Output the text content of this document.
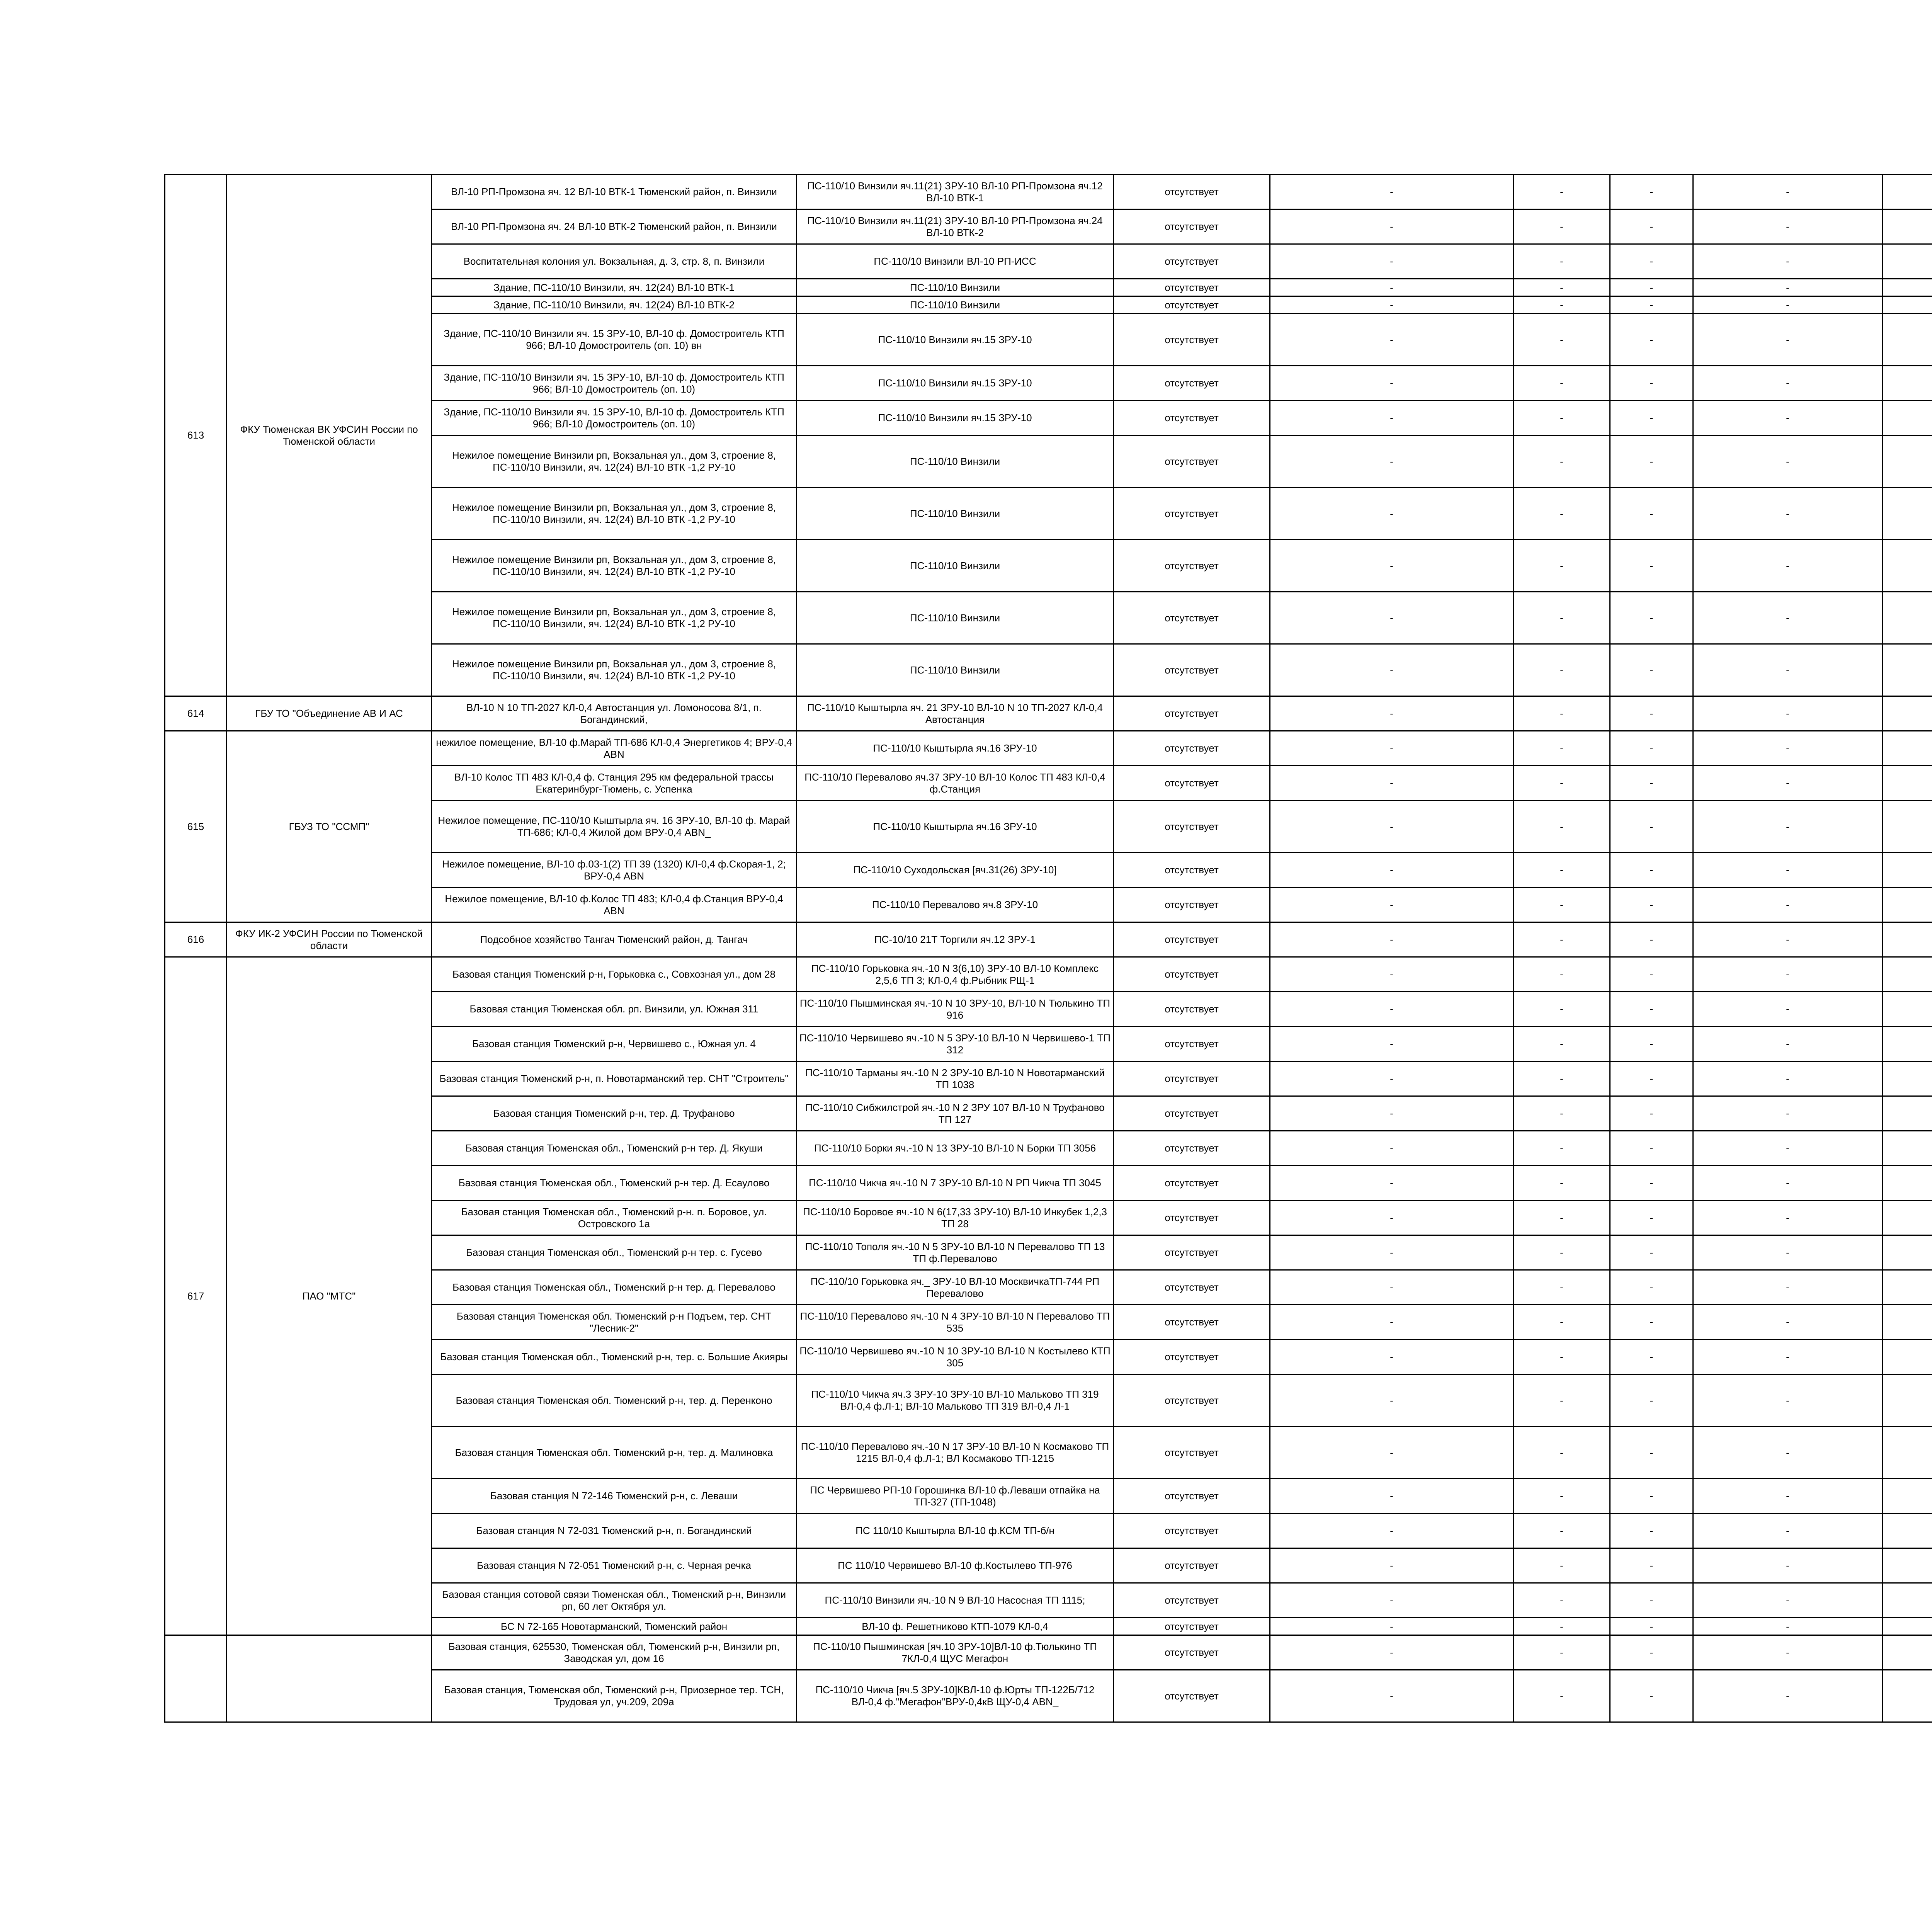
613	ФКУ Тюменская ВК УФСИН России по Тюменской области	ВЛ-10 РП-Промзона яч. 12 ВЛ-10 ВТК-1 Тюменский район, п. Винзили	ПС-110/10 Винзили яч.11(21) ЗРУ-10 ВЛ-10 РП-Промзона яч.12 ВЛ-10 ВТК-1	отсутствует	-	-	-	-		
		ВЛ-10 РП-Промзона яч. 24 ВЛ-10 ВТК-2 Тюменский район, п. Винзили	ПС-110/10 Винзили яч.11(21) ЗРУ-10 ВЛ-10 РП-Промзона яч.24 ВЛ-10 ВТК-2	отсутствует	-	-	-	-		
		Воспитательная колония ул. Вокзальная, д. 3, стр. 8, п. Винзили	ПС-110/10 Винзили ВЛ-10 РП-ИСС	отсутствует	-	-	-	-		
		Здание, ПС-110/10 Винзили, яч. 12(24) ВЛ-10 ВТК-1	ПС-110/10 Винзили	отсутствует	-	-	-	-		
		Здание, ПС-110/10 Винзили, яч. 12(24) ВЛ-10 ВТК-2	ПС-110/10 Винзили	отсутствует	-	-	-	-		
		Здание, ПС-110/10 Винзили яч. 15 ЗРУ-10, ВЛ-10 ф. Домостроитель КТП 966; ВЛ-10 Домостроитель (оп. 10) вн	ПС-110/10 Винзили яч.15 ЗРУ-10	отсутствует	-	-	-	-		
		Здание, ПС-110/10 Винзили яч. 15 ЗРУ-10, ВЛ-10 ф. Домостроитель КТП 966; ВЛ-10 Домостроитель (оп. 10)	ПС-110/10 Винзили яч.15 ЗРУ-10	отсутствует	-	-	-	-		
		Здание, ПС-110/10 Винзили яч. 15 ЗРУ-10, ВЛ-10 ф. Домостроитель КТП 966; ВЛ-10 Домостроитель (оп. 10)	ПС-110/10 Винзили яч.15 ЗРУ-10	отсутствует	-	-	-	-		
		Нежилое помещение Винзили рп, Вокзальная ул., дом 3, строение 8, ПС-110/10 Винзили, яч. 12(24) ВЛ-10 ВТК -1,2 РУ-10	ПС-110/10 Винзили	отсутствует	-	-	-	-		
		Нежилое помещение Винзили рп, Вокзальная ул., дом 3, строение 8, ПС-110/10 Винзили, яч. 12(24) ВЛ-10 ВТК -1,2 РУ-10	ПС-110/10 Винзили	отсутствует	-	-	-	-		
		Нежилое помещение Винзили рп, Вокзальная ул., дом 3, строение 8, ПС-110/10 Винзили, яч. 12(24) ВЛ-10 ВТК -1,2 РУ-10	ПС-110/10 Винзили	отсутствует	-	-	-	-		
		Нежилое помещение Винзили рп, Вокзальная ул., дом 3, строение 8, ПС-110/10 Винзили, яч. 12(24) ВЛ-10 ВТК -1,2 РУ-10	ПС-110/10 Винзили	отсутствует	-	-	-	-		
		Нежилое помещение Винзили рп, Вокзальная ул., дом 3, строение 8, ПС-110/10 Винзили, яч. 12(24) ВЛ-10 ВТК -1,2 РУ-10	ПС-110/10 Винзили	отсутствует	-	-	-	-		
614	ГБУ ТО "Объединение АВ И АС	ВЛ-10 N 10 ТП-2027 КЛ-0,4 Автостанция ул. Ломоносова 8/1, п. Богандинский,	ПС-110/10 Кыштырла яч. 21 ЗРУ-10 ВЛ-10 N 10 ТП-2027 КЛ-0,4 Автостанция	отсутствует	-	-	-	-		
615	ГБУЗ ТО "ССМП"	нежилое помещение, ВЛ-10 ф.Марай ТП-686 КЛ-0,4 Энергетиков 4; ВРУ-0,4 АВN	ПС-110/10 Кыштырла яч.16 ЗРУ-10	отсутствует	-	-	-	-		
		ВЛ-10 Колос ТП 483 КЛ-0,4 ф. Станция 295 км федеральной трассы Екатеринбург-Тюмень, с. Успенка	ПС-110/10 Перевалово яч.37 ЗРУ-10 ВЛ-10 Колос ТП 483 КЛ-0,4 ф.Станция	отсутствует	-	-	-	-		
		Нежилое помещение, ПС-110/10 Кыштырла яч. 16 ЗРУ-10, ВЛ-10 ф. Марай ТП-686; КЛ-0,4 Жилой дом ВРУ-0,4 АВN_	ПС-110/10 Кыштырла яч.16 ЗРУ-10	отсутствует	-	-	-	-		
		Нежилое помещение, ВЛ-10 ф.03-1(2) ТП 39 (1320) КЛ-0,4 ф.Скорая-1, 2; ВРУ-0,4 АВN	ПС-110/10 Суходольская [яч.31(26) ЗРУ-10]	отсутствует	-	-	-	-		
		Нежилое помещение, ВЛ-10 ф.Колос ТП 483; КЛ-0,4 ф.Станция ВРУ-0,4 АВN	ПС-110/10 Перевалово яч.8 ЗРУ-10	отсутствует	-	-	-	-		
616	ФКУ ИК-2 УФСИН России по Тюменской области	Подсобное хозяйство Тангач Тюменский район, д. Тангач	ПС-10/10 21Т Торгили яч.12 ЗРУ-1	отсутствует	-	-	-	-		
617	ПАО "МТС"	Базовая станция Тюменский р-н, Горьковка с., Совхозная ул., дом 28	ПС-110/10 Горьковка яч.-10 N 3(6,10) ЗРУ-10 ВЛ-10 Комплекс 2,5,6 ТП 3; КЛ-0,4 ф.Рыбник РЩ-1	отсутствует	-	-	-	-		
		Базовая станция Тюменская обл. рп. Винзили, ул. Южная 311	ПС-110/10 Пышминская яч.-10 N 10 ЗРУ-10, ВЛ-10 N Тюлькино ТП 916	отсутствует	-	-	-	-		
		Базовая станция Тюменский р-н, Червишево с., Южная ул. 4	ПС-110/10 Червишево яч.-10 N 5 ЗРУ-10 ВЛ-10 N Червишево-1 ТП 312	отсутствует	-	-	-	-		
		Базовая станция Тюменский р-н, п. Новотарманский тер. СНТ "Строитель"	ПС-110/10 Тарманы яч.-10 N 2 ЗРУ-10 ВЛ-10 N Новотарманский ТП 1038	отсутствует	-	-	-	-		
		Базовая станция Тюменский р-н, тер. Д. Труфаново	ПС-110/10 Сибжилстрой яч.-10 N 2 ЗРУ 107 ВЛ-10 N Труфаново ТП 127	отсутствует	-	-	-	-		
		Базовая станция Тюменская обл., Тюменский р-н тер. Д. Якуши	ПС-110/10 Борки яч.-10 N 13 ЗРУ-10 ВЛ-10 N Борки ТП 3056	отсутствует	-	-	-	-		
		Базовая станция Тюменская обл., Тюменский р-н тер. Д. Есаулово	ПС-110/10 Чикча яч.-10 N 7 ЗРУ-10 ВЛ-10 N РП Чикча ТП 3045	отсутствует	-	-	-	-		
		Базовая станция Тюменская обл., Тюменский р-н. п. Боровое, ул. Островского 1а	ПС-110/10 Боровое яч.-10 N 6(17,33 ЗРУ-10) ВЛ-10 Инкубек 1,2,3 ТП 28	отсутствует	-	-	-	-		
		Базовая станция Тюменская обл., Тюменский р-н тер. с. Гусево	ПС-110/10 Тополя яч.-10 N 5 ЗРУ-10 ВЛ-10 N Перевалово ТП 13 ТП ф.Перевалово	отсутствует	-	-	-	-		
		Базовая станция Тюменская обл., Тюменский р-н тер. д. Перевалово	ПС-110/10 Горьковка яч._ ЗРУ-10 ВЛ-10 МосквичкаТП-744 РП Перевалово	отсутствует	-	-	-	-		
		Базовая станция Тюменская обл. Тюменский р-н Подъем, тер. СНТ "Лесник-2"	ПС-110/10 Перевалово яч.-10 N 4 ЗРУ-10 ВЛ-10 N Перевалово ТП 535	отсутствует	-	-	-	-		
		Базовая станция Тюменская обл., Тюменский р-н, тер. с. Большие Акияры	ПС-110/10 Червишево яч.-10 N 10 ЗРУ-10 ВЛ-10 N Костылево КТП 305	отсутствует	-	-	-	-		
		Базовая станция Тюменская обл. Тюменский р-н, тер. д. Перенконо	ПС-110/10 Чикча яч.3 ЗРУ-10 ЗРУ-10 ВЛ-10 Мальково ТП 319 ВЛ-0,4 ф.Л-1; ВЛ-10 Мальково ТП 319 ВЛ-0,4 Л-1	отсутствует	-	-	-	-		
		Базовая станция Тюменская обл. Тюменский р-н, тер. д. Малиновка	ПС-110/10 Перевалово яч.-10 N 17 ЗРУ-10 ВЛ-10 N Космаково ТП 1215 ВЛ-0,4 ф.Л-1; ВЛ Космаково ТП-1215	отсутствует	-	-	-	-		
		Базовая станция N 72-146 Тюменский р-н, с. Леваши	ПС Червишево РП-10 Горошинка ВЛ-10 ф.Леваши отпайка на ТП-327 (ТП-1048)	отсутствует	-	-	-	-		
		Базовая станция N 72-031 Тюменский р-н, п. Богандинский	ПС 110/10 Кыштырла ВЛ-10 ф.КСМ ТП-б/н	отсутствует	-	-	-	-		
		Базовая станция N 72-051 Тюменский р-н, с. Черная речка	ПС 110/10 Червишево ВЛ-10 ф.Костылево ТП-976	отсутствует	-	-	-	-		
		Базовая станция сотовой связи Тюменская обл., Тюменский р-н, Винзили рп, 60 лет Октября ул.	ПС-110/10 Винзили яч.-10 N 9 ВЛ-10 Насосная ТП 1115;	отсутствует	-	-	-	-		
		БС N 72-165 Новотарманский, Тюменский район	ВЛ-10 ф. Решетниково КТП-1079 КЛ-0,4	отсутствует	-	-	-	-		
		Базовая станция, 625530, Тюменская обл, Тюменский р-н, Винзили рп, Заводская ул, дом 16	ПС-110/10 Пышминская [яч.10 ЗРУ-10]ВЛ-10 ф.Тюлькино ТП 7КЛ-0,4 ЩУС Мегафон	отсутствует	-	-	-	-		
		Базовая станция, Тюменская обл, Тюменский р-н, Приозерное тер. ТСН, Трудовая ул, уч.209, 209а	ПС-110/10 Чикча [яч.5 ЗРУ-10]КВЛ-10 ф.Юрты ТП-122Б/712 ВЛ-0,4 ф."Мегафон"ВРУ-0,4кВ ЩУ-0,4 АВN_	отсутствует	-	-	-	-		
